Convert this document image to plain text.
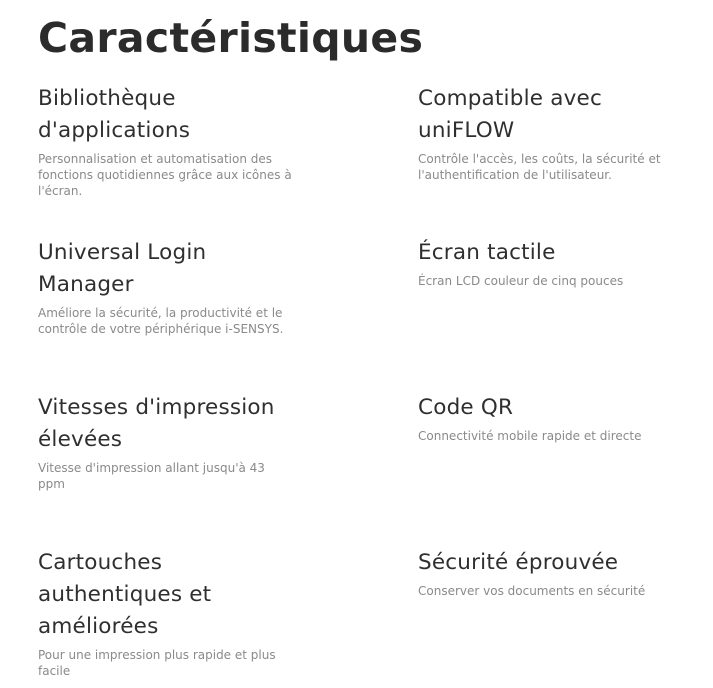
Caractéristiques
Bibliothèque d'applications

Personnalisation et automatisation des fonctions quotidiennes grâce aux icônes à l'écran.

Compatible avec uniFLOW

Contrôle l'accès, les coûts, la sécurité et l'authentification de l'utilisateur.

Universal Login Manager

Améliore la sécurité, la productivité et le contrôle de votre périphérique i-SENSYS.

Écran tactile

Écran LCD couleur de cinq pouces

Vitesses d'impression élevées

Vitesse d'impression allant jusqu'à 43 ppm

Code QR

Connectivité mobile rapide et directe

Cartouches authentiques et améliorées

Pour une impression plus rapide et plus facile

Sécurité éprouvée

Conserver vos documents en sécurité
